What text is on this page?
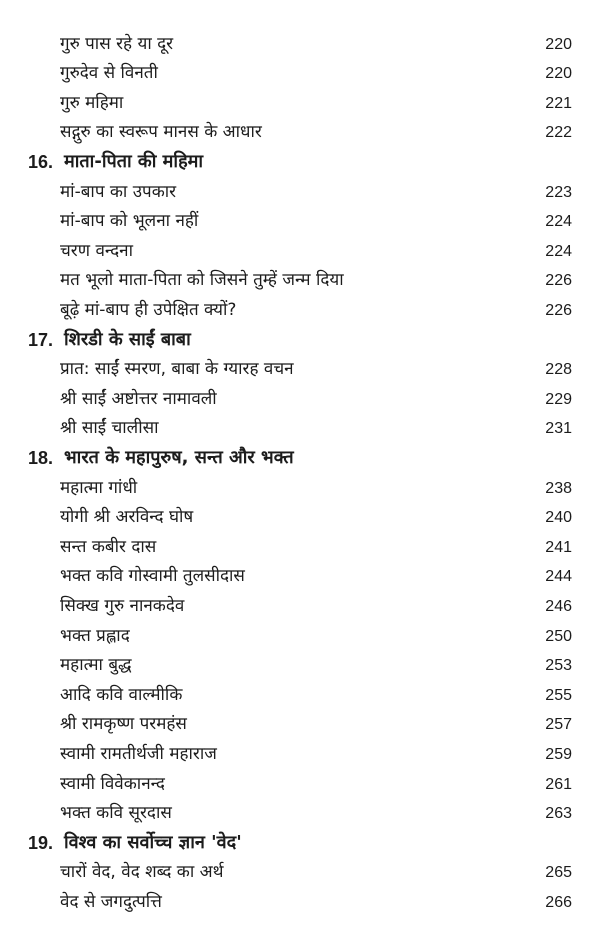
गुरु पास रहे या दूर	220
गुरुदेव से विनती	220
गुरु महिमा	221
सद्गुरु का स्वरूप मानस के आधार	222
16. माता-पिता की महिमा
मां-बाप का उपकार	223
मां-बाप को भूलना नहीं	224
चरण वन्दना	224
मत भूलो माता-पिता को जिसने तुम्हें जन्म दिया	226
बूढ़े मां-बाप ही उपेक्षित क्यों?	226
17. शिरडी के साईं बाबा
प्रात: साईं स्मरण, बाबा के ग्यारह वचन	228
श्री साईं अष्टोत्तर नामावली	229
श्री साईं चालीसा	231
18. भारत के महापुरुष, सन्त और भक्त
महात्मा गांधी	238
योगी श्री अरविन्द घोष	240
सन्त कबीर दास	241
भक्त कवि गोस्वामी तुलसीदास	244
सिक्ख गुरु नानकदेव	246
भक्त प्रह्लाद	250
महात्मा बुद्ध	253
आदि कवि वाल्मीकि	255
श्री रामकृष्ण परमहंस	257
स्वामी रामतीर्थजी महाराज	259
स्वामी विवेकानन्द	261
भक्त कवि सूरदास	263
19. विश्व का सर्वोच्च ज्ञान 'वेद'
चारों वेद, वेद शब्द का अर्थ	265
वेद से जगदुत्पत्ति	266
